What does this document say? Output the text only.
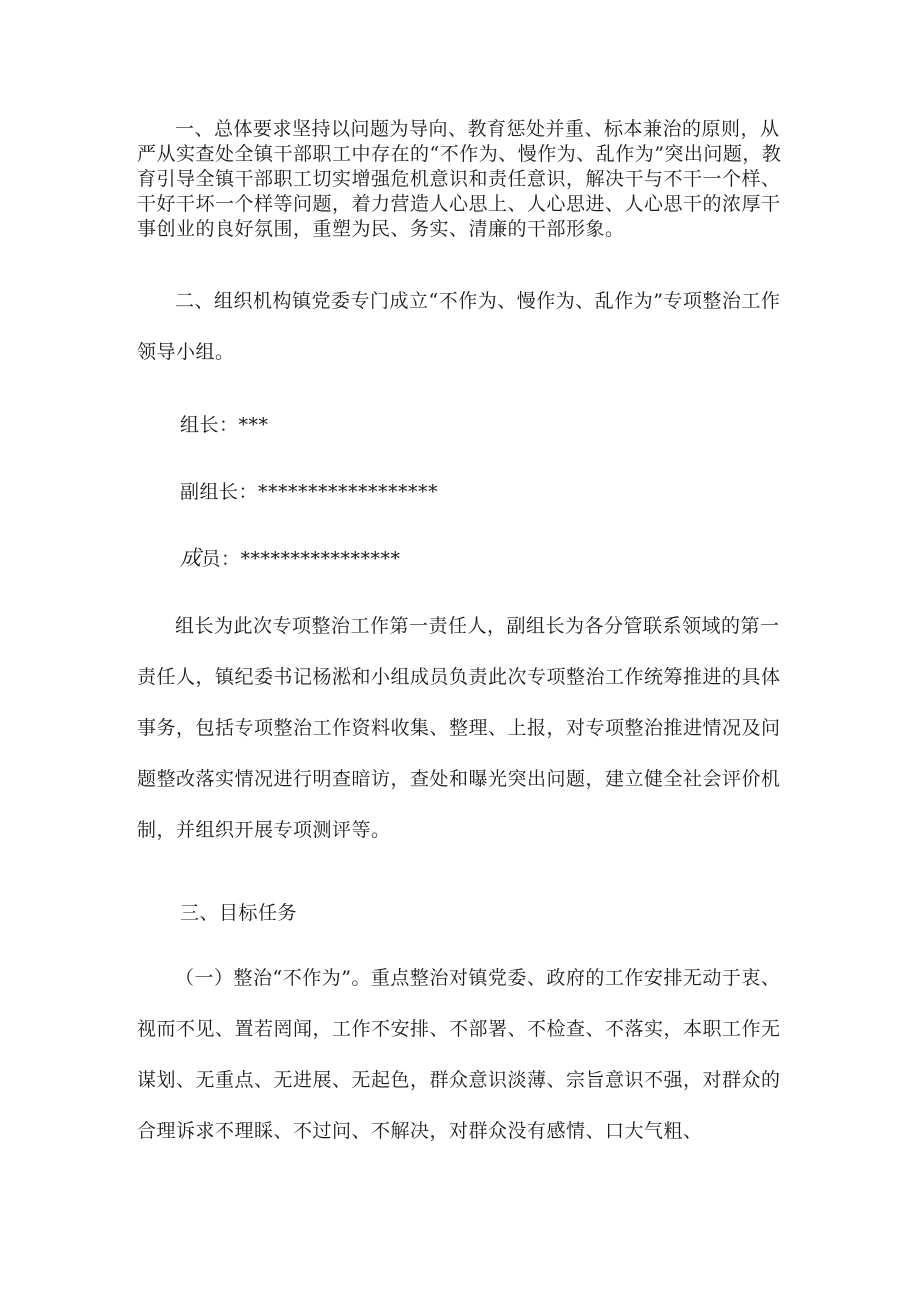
一、总体要求坚持以问题为导向、教育惩处并重、标本兼治的原则，从严从实查处全镇干部职工中存在的“不作为、慢作为、乱作为”突出问题，教育引导全镇干部职工切实增强危机意识和责任意识，解决干与不干一个样、干好干坏一个样等问题，着力营造人心思上、人心思进、人心思干的浓厚干事创业的良好氛围，重塑为民、务实、清廉的干部形象。

二、组织机构镇党委专门成立“不作为、慢作为、乱作为”专项整治工作领导小组。

组长：***

副组长：******************

成员：****************

组长为此次专项整治工作第一责任人，副组长为各分管联系领域的第一责任人，镇纪委书记杨淞和小组成员负责此次专项整治工作统筹推进的具体事务，包括专项整治工作资料收集、整理、上报，对专项整治推进情况及问题整改落实情况进行明查暗访，查处和曝光突出问题，建立健全社会评价机制，并组织开展专项测评等。

三、目标任务

（一）整治“不作为”。重点整治对镇党委、政府的工作安排无动于衷、视而不见、置若罔闻，工作不安排、不部署、不检查、不落实，本职工作无谋划、无重点、无进展、无起色，群众意识淡薄、宗旨意识不强，对群众的合理诉求不理睬、不过问、不解决，对群众没有感情、口大气粗、
